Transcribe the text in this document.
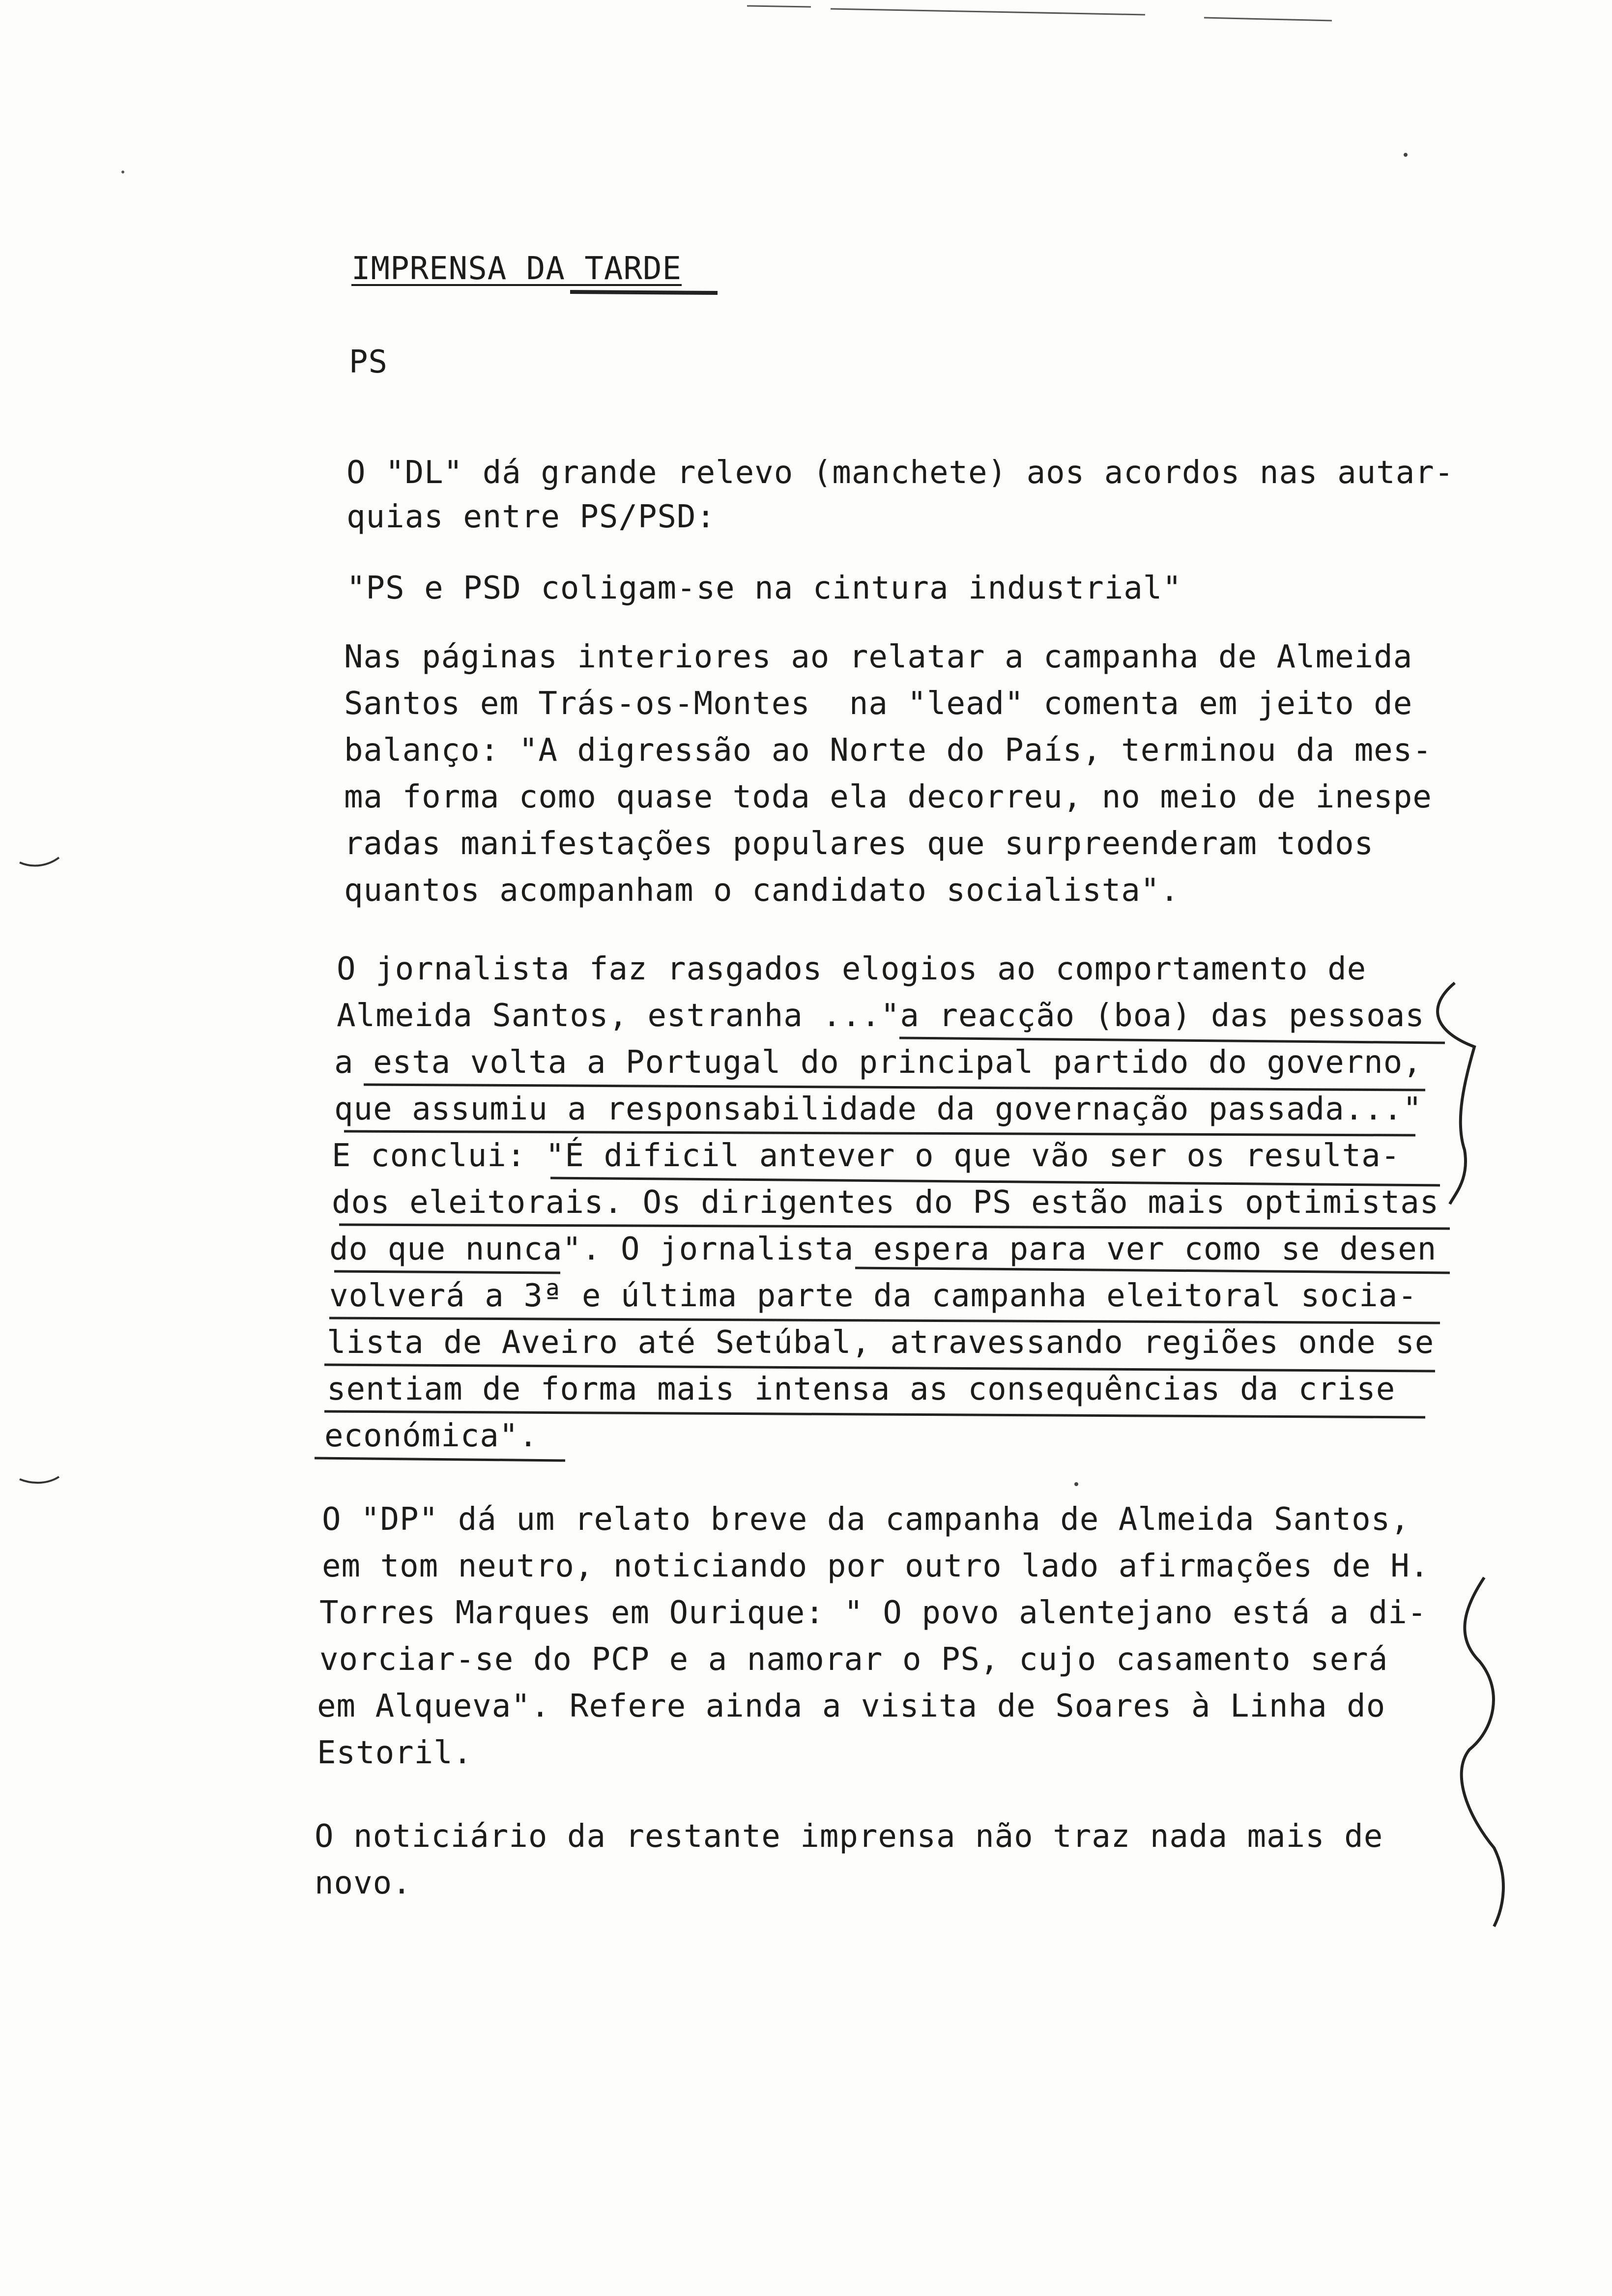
IMPRENSA DA TARDE
PS
O "DL" dá grande relevo (manchete) aos acordos nas autar-
quias entre PS/PSD:
"PS e PSD coligam-se na cintura industrial"
Nas páginas interiores ao relatar a campanha de Almeida
Santos em Trás-os-Montes  na "lead" comenta em jeito de
balanço: "A digressão ao Norte do País, terminou da mes-
ma forma como quase toda ela decorreu, no meio de inespe
radas manifestações populares que surpreenderam todos
quantos acompanham o candidato socialista".
O jornalista faz rasgados elogios ao comportamento de
Almeida Santos, estranha ..."a reacção (boa) das pessoas
a esta volta a Portugal do principal partido do governo,
que assumiu a responsabilidade da governação passada..."
E conclui: "É dificil antever o que vão ser os resulta-
dos eleitorais. Os dirigentes do PS estão mais optimistas
do que nunca". O jornalista espera para ver como se desen
volverá a 3ª e última parte da campanha eleitoral socia-
lista de Aveiro até Setúbal, atravessando regiões onde se
sentiam de forma mais intensa as consequências da crise
económica".
O "DP" dá um relato breve da campanha de Almeida Santos,
em tom neutro, noticiando por outro lado afirmações de H.
Torres Marques em Ourique: " O povo alentejano está a di-
vorciar-se do PCP e a namorar o PS, cujo casamento será
em Alqueva". Refere ainda a visita de Soares à Linha do
Estoril.
O noticiário da restante imprensa não traz nada mais de
novo.
